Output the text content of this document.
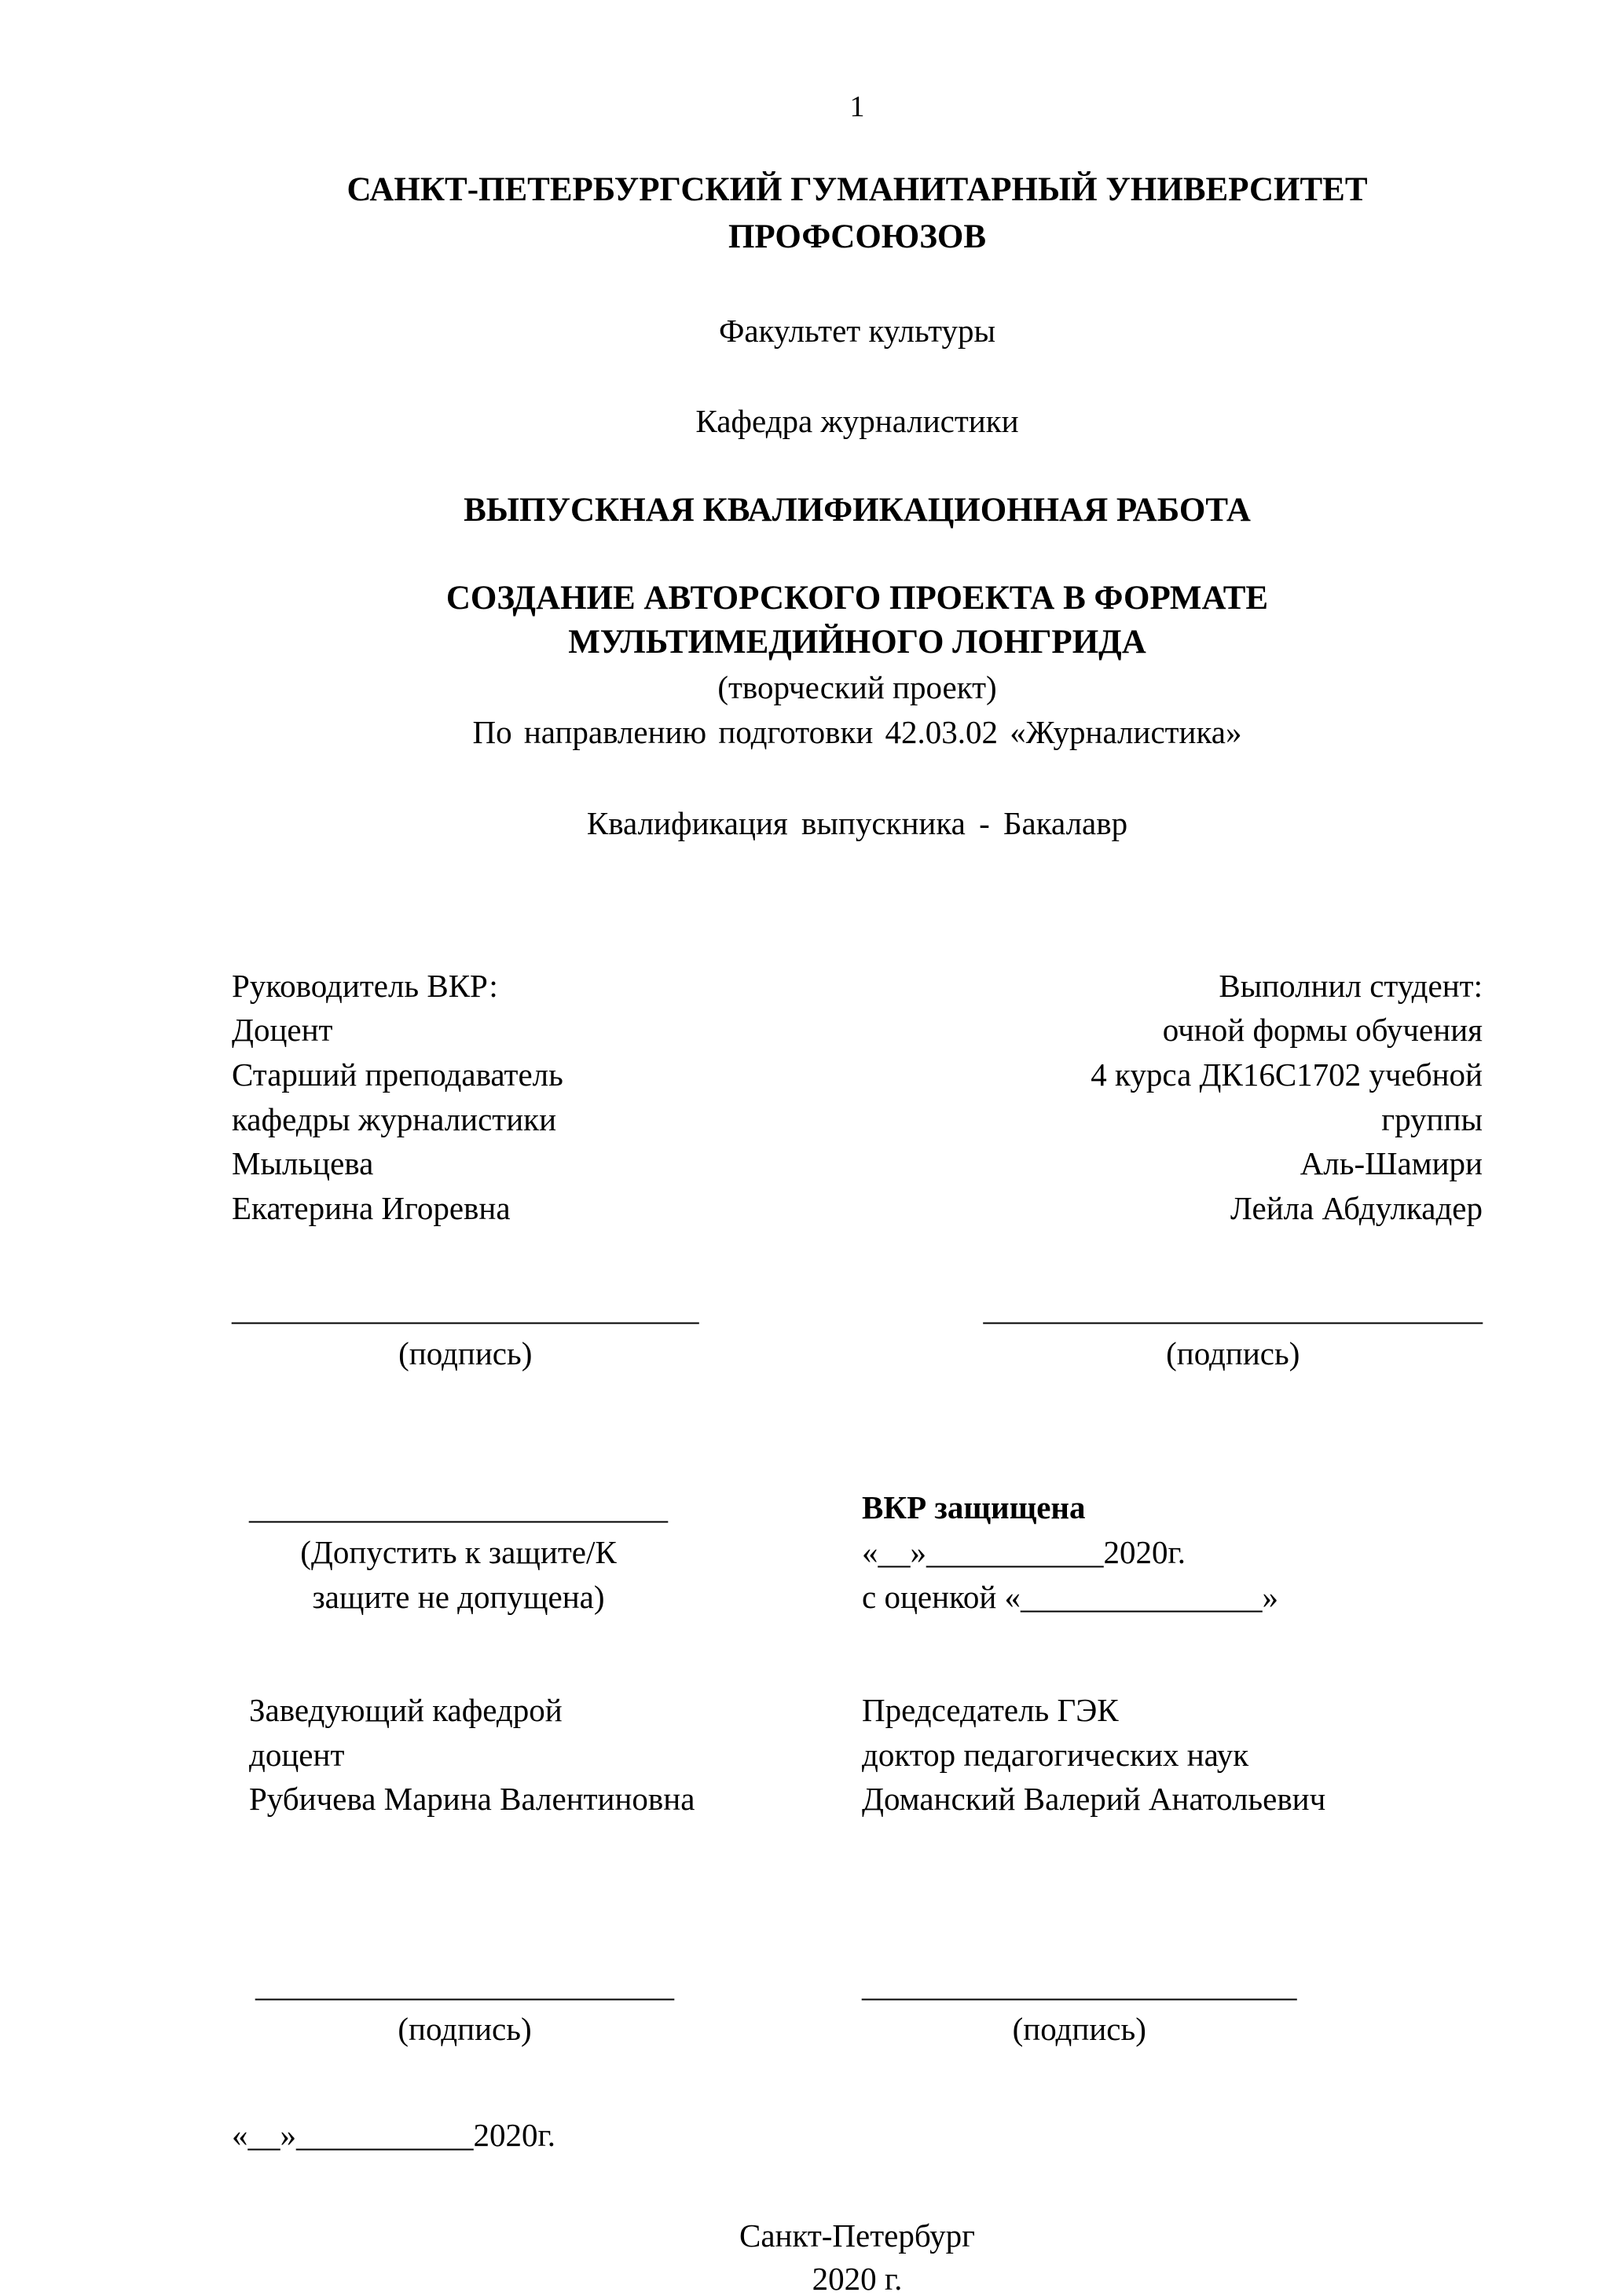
1
САНКТ-ПЕТЕРБУРГСКИЙ ГУМАНИТАРНЫЙ УНИВЕРСИТЕТ ПРОФСОЮЗОВ
Факультет культуры
Кафедра журналистики
ВЫПУСКНАЯ КВАЛИФИКАЦИОННАЯ РАБОТА
СОЗДАНИЕ АВТОРСКОГО ПРОЕКТА В ФОРМАТЕ
МУЛЬТИМЕДИЙНОГО ЛОНГРИДА
(творческий проект)
По направлению подготовки 42.03.02 «Журналистика»
Квалификация выпускника - Бакалавр
Руководитель ВКР:
Доцент
Старший преподаватель
кафедры журналистики
Мыльцева
Екатерина Игоревна
Выполнил студент:
очной формы обучения
4 курса ДК16С1702 учебной
группы
Аль-Шамири
Лейла Абдулкадер
_____________________________
(подпись)
_______________________________
(подпись)
__________________________
(Допустить к защите/К
защите не допущена)
ВКР защищена
«__»___________2020г.
с оценкой «_______________»
Заведующий кафедрой
доцент
Рубичева Марина Валентиновна
Председатель ГЭК
доктор педагогических наук
Доманский Валерий Анатольевич
__________________________
(подпись)
___________________________
(подпись)
«__»___________2020г.
Санкт-Петербург
2020 г.
